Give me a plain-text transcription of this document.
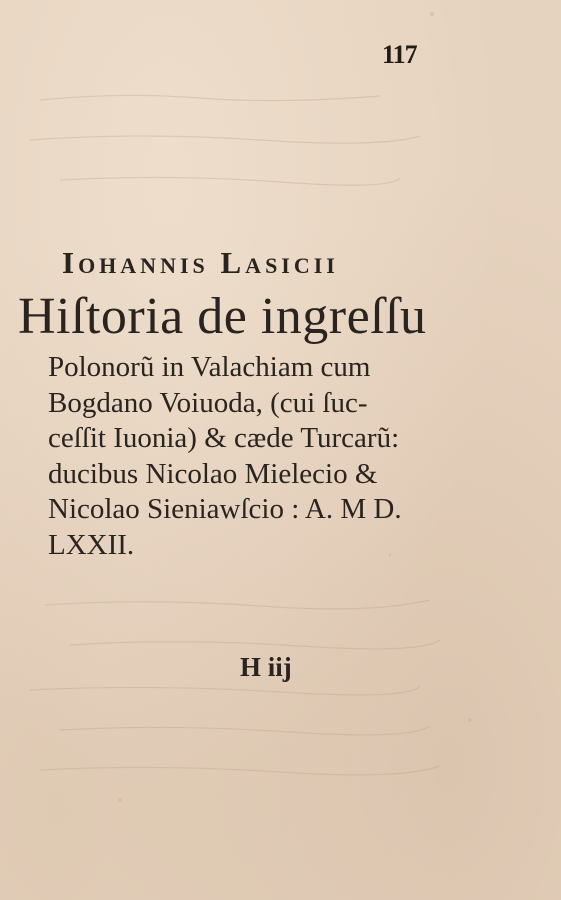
117
Iohannis Lasicii
Hiſtoria de ingreſſu
Polonorũ in Valachiam cum
Bogdano Voiuoda, (cui ſuc-
ceſſit Iuonia) & cæde Turcarũ:
ducibus Nicolao Mielecio &
Nicolao Sieniawſcio : A. M D.
LXXII.
H iij
